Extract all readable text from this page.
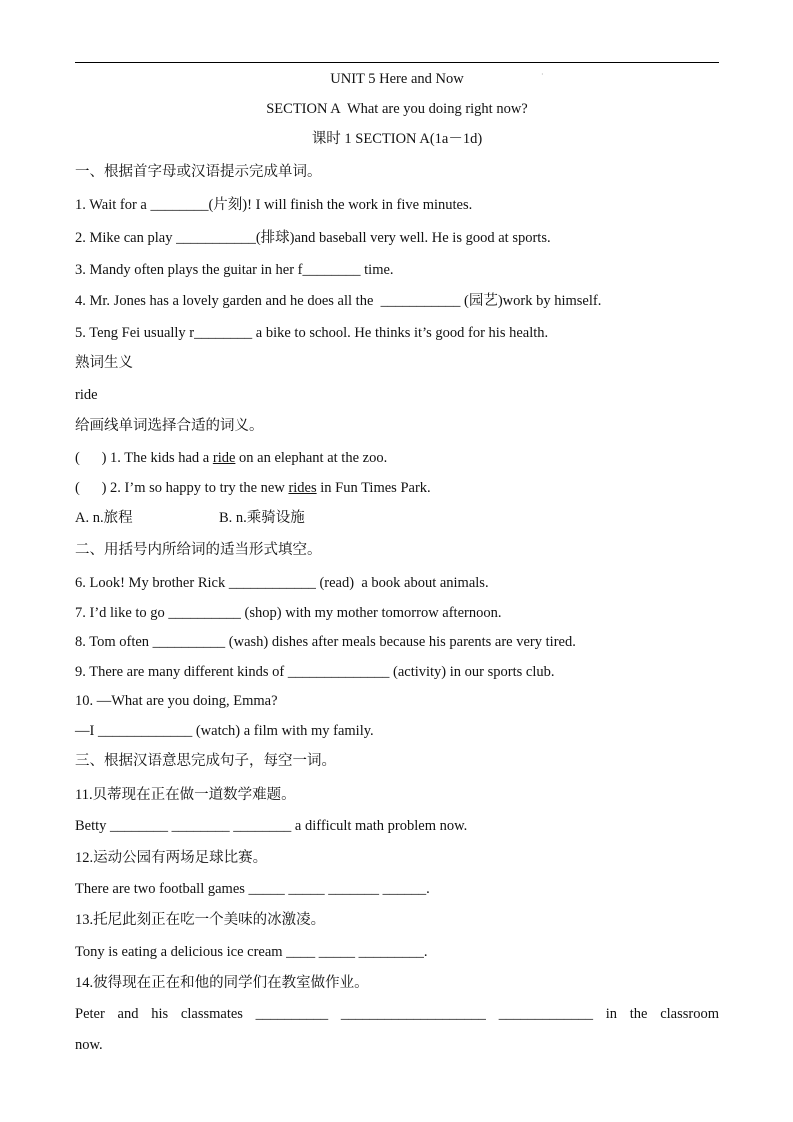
·
UNIT 5 Here and Now
SECTION A  What are you doing right now?
课时 1 SECTION A(1a－1d)
一、根据首字母或汉语提示完成单词。
1. Wait for a ________(片刻)! I will finish the work in five minutes.
2. Mike can play ___________(排球)and baseball very well. He is good at sports.
3. Mandy often plays the guitar in her f________ time.
4. Mr. Jones has a lovely garden and he does all the  ___________ (园艺)work by himself.
5. Teng Fei usually r________ a bike to school. He thinks it’s good for his health.
熟词生义
ride
给画线单词选择合适的词义。
(      ) 1. The kids had a ride on an elephant at the zoo.
(      ) 2. I’m so happy to try the new rides in Fun Times Park.
A. n.旅程	B. n.乘骑设施
二、用括号内所给词的适当形式填空。
6. Look! My brother Rick ____________ (read)  a book about animals.
7. I’d like to go __________ (shop) with my mother tomorrow afternoon.
8. Tom often __________ (wash) dishes after meals because his parents are very tired.
9. There are many different kinds of ______________ (activity) in our sports club.
10. —What are you doing, Emma?
—I _____________ (watch) a film with my family.
三、根据汉语意思完成句子，每空一词。
11.贝蒂现在正在做一道数学难题。
Betty ________ ________ ________ a difficult math problem now.
12.运动公园有两场足球比赛。
There are two football games _____ _____ _______ ______.
13.托尼此刻正在吃一个美味的冰激凌。
Tony is eating a delicious ice cream ____ _____ _________.
14.彼得现在正在和他的同学们在教室做作业。
Peter and his classmates __________ ____________________ _____________ in the classroom
now.
